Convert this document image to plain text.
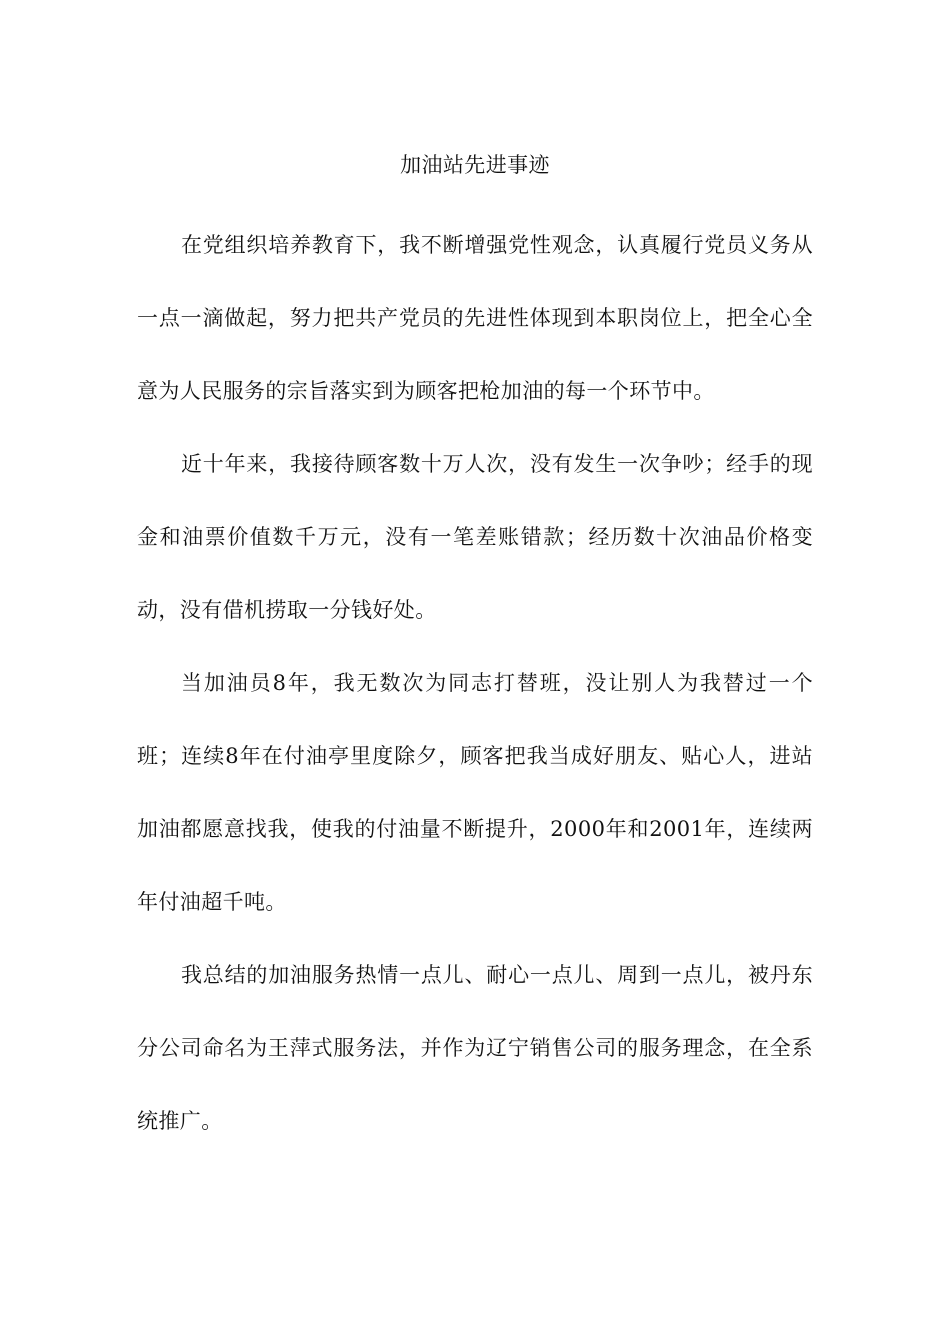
加油站先进事迹

在党组织培养教育下，我不断增强党性观念，认真履行党员义务从一点一滴做起，努力把共产党员的先进性体现到本职岗位上，把全心全意为人民服务的宗旨落实到为顾客把枪加油的每一个环节中。

近十年来，我接待顾客数十万人次，没有发生一次争吵；经手的现金和油票价值数千万元，没有一笔差账错款；经历数十次油品价格变动，没有借机捞取一分钱好处。

当加油员8年，我无数次为同志打替班，没让别人为我替过一个班；连续8年在付油亭里度除夕，顾客把我当成好朋友、贴心人，进站加油都愿意找我，使我的付油量不断提升，2000年和2001年，连续两年付油超千吨。

我总结的加油服务热情一点儿、耐心一点儿、周到一点儿，被丹东分公司命名为王萍式服务法，并作为辽宁销售公司的服务理念，在全系统推广。
